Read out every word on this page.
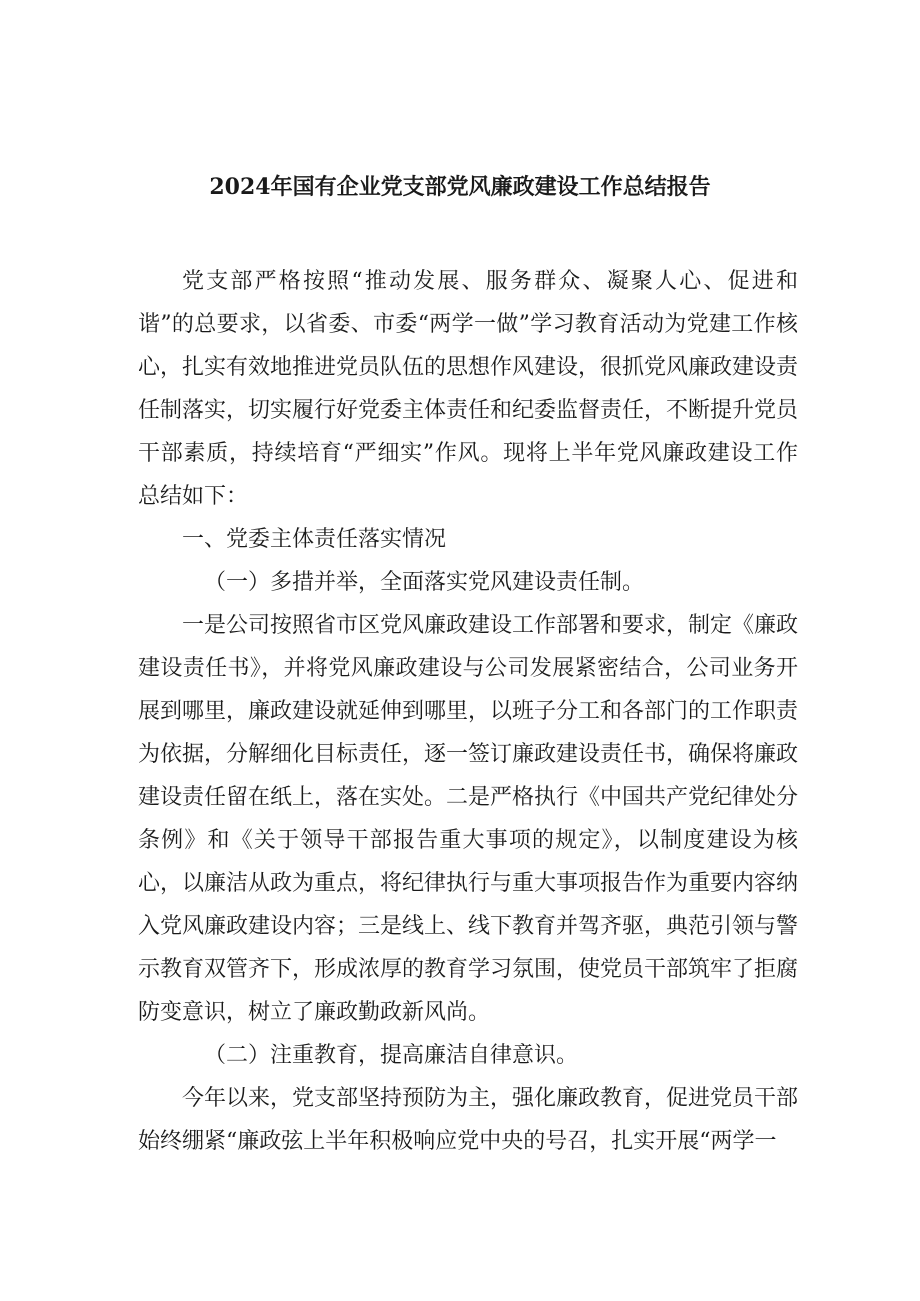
2024年国有企业党支部党风廉政建设工作总结报告

党支部严格按照“推动发展、服务群众、凝聚人心、促进和谐”的总要求，以省委、市委“两学一做”学习教育活动为党建工作核心，扎实有效地推进党员队伍的思想作风建设，很抓党风廉政建设责任制落实，切实履行好党委主体责任和纪委监督责任，不断提升党员干部素质，持续培育“严细实”作风。现将上半年党风廉政建设工作总结如下：

一、党委主体责任落实情况

（一）多措并举，全面落实党风建设责任制。

一是公司按照省市区党风廉政建设工作部署和要求，制定《廉政建设责任书》，并将党风廉政建设与公司发展紧密结合，公司业务开展到哪里，廉政建设就延伸到哪里，以班子分工和各部门的工作职责为依据，分解细化目标责任，逐一签订廉政建设责任书，确保将廉政建设责任留在纸上，落在实处。二是严格执行《中国共产党纪律处分条例》和《关于领导干部报告重大事项的规定》，以制度建设为核心，以廉洁从政为重点，将纪律执行与重大事项报告作为重要内容纳入党风廉政建设内容；三是线上、线下教育并驾齐驱，典范引领与警示教育双管齐下，形成浓厚的教育学习氛围，使党员干部筑牢了拒腐防变意识，树立了廉政勤政新风尚。

（二）注重教育，提高廉洁自律意识。

今年以来，党支部坚持预防为主，强化廉政教育，促进党员干部始终绷紧“廉政弦上半年积极响应党中央的号召，扎实开展“两学一
